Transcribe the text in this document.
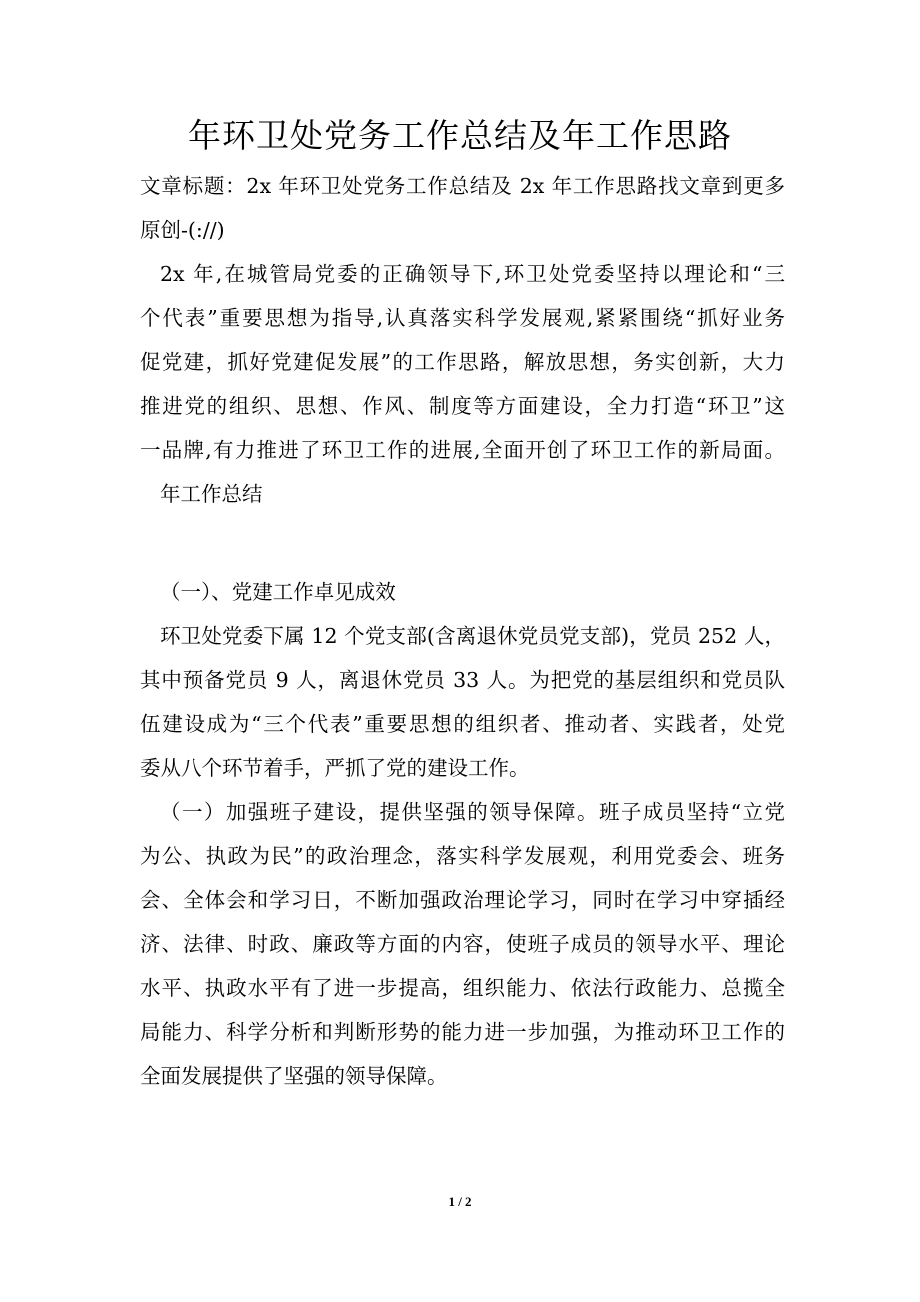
年环卫处党务工作总结及年工作思路
文章标题：2x 年环卫处党务工作总结及 2x 年工作思路找文章到更多
原创-(://)
2x 年,在城管局党委的正确领导下,环卫处党委坚持以理论和“三
个代表”重要思想为指导,认真落实科学发展观,紧紧围绕“抓好业务
促党建，抓好党建促发展”的工作思路，解放思想，务实创新，大力
推进党的组织、思想、作风、制度等方面建设，全力打造“环卫”这
一品牌,有力推进了环卫工作的进展,全面开创了环卫工作的新局面。
年工作总结
（一）、党建工作卓见成效
环卫处党委下属 12 个党支部(含离退休党员党支部)，党员 252 人，
其中预备党员 9 人，离退休党员 33 人。为把党的基层组织和党员队
伍建设成为“三个代表”重要思想的组织者、推动者、实践者，处党
委从八个环节着手，严抓了党的建设工作。
（一）加强班子建设，提供坚强的领导保障。班子成员坚持“立党
为公、执政为民”的政治理念，落实科学发展观，利用党委会、班务
会、全体会和学习日，不断加强政治理论学习，同时在学习中穿插经
济、法律、时政、廉政等方面的内容，使班子成员的领导水平、理论
水平、执政水平有了进一步提高，组织能力、依法行政能力、总揽全
局能力、科学分析和判断形势的能力进一步加强，为推动环卫工作的
全面发展提供了坚强的领导保障。
1 / 2
